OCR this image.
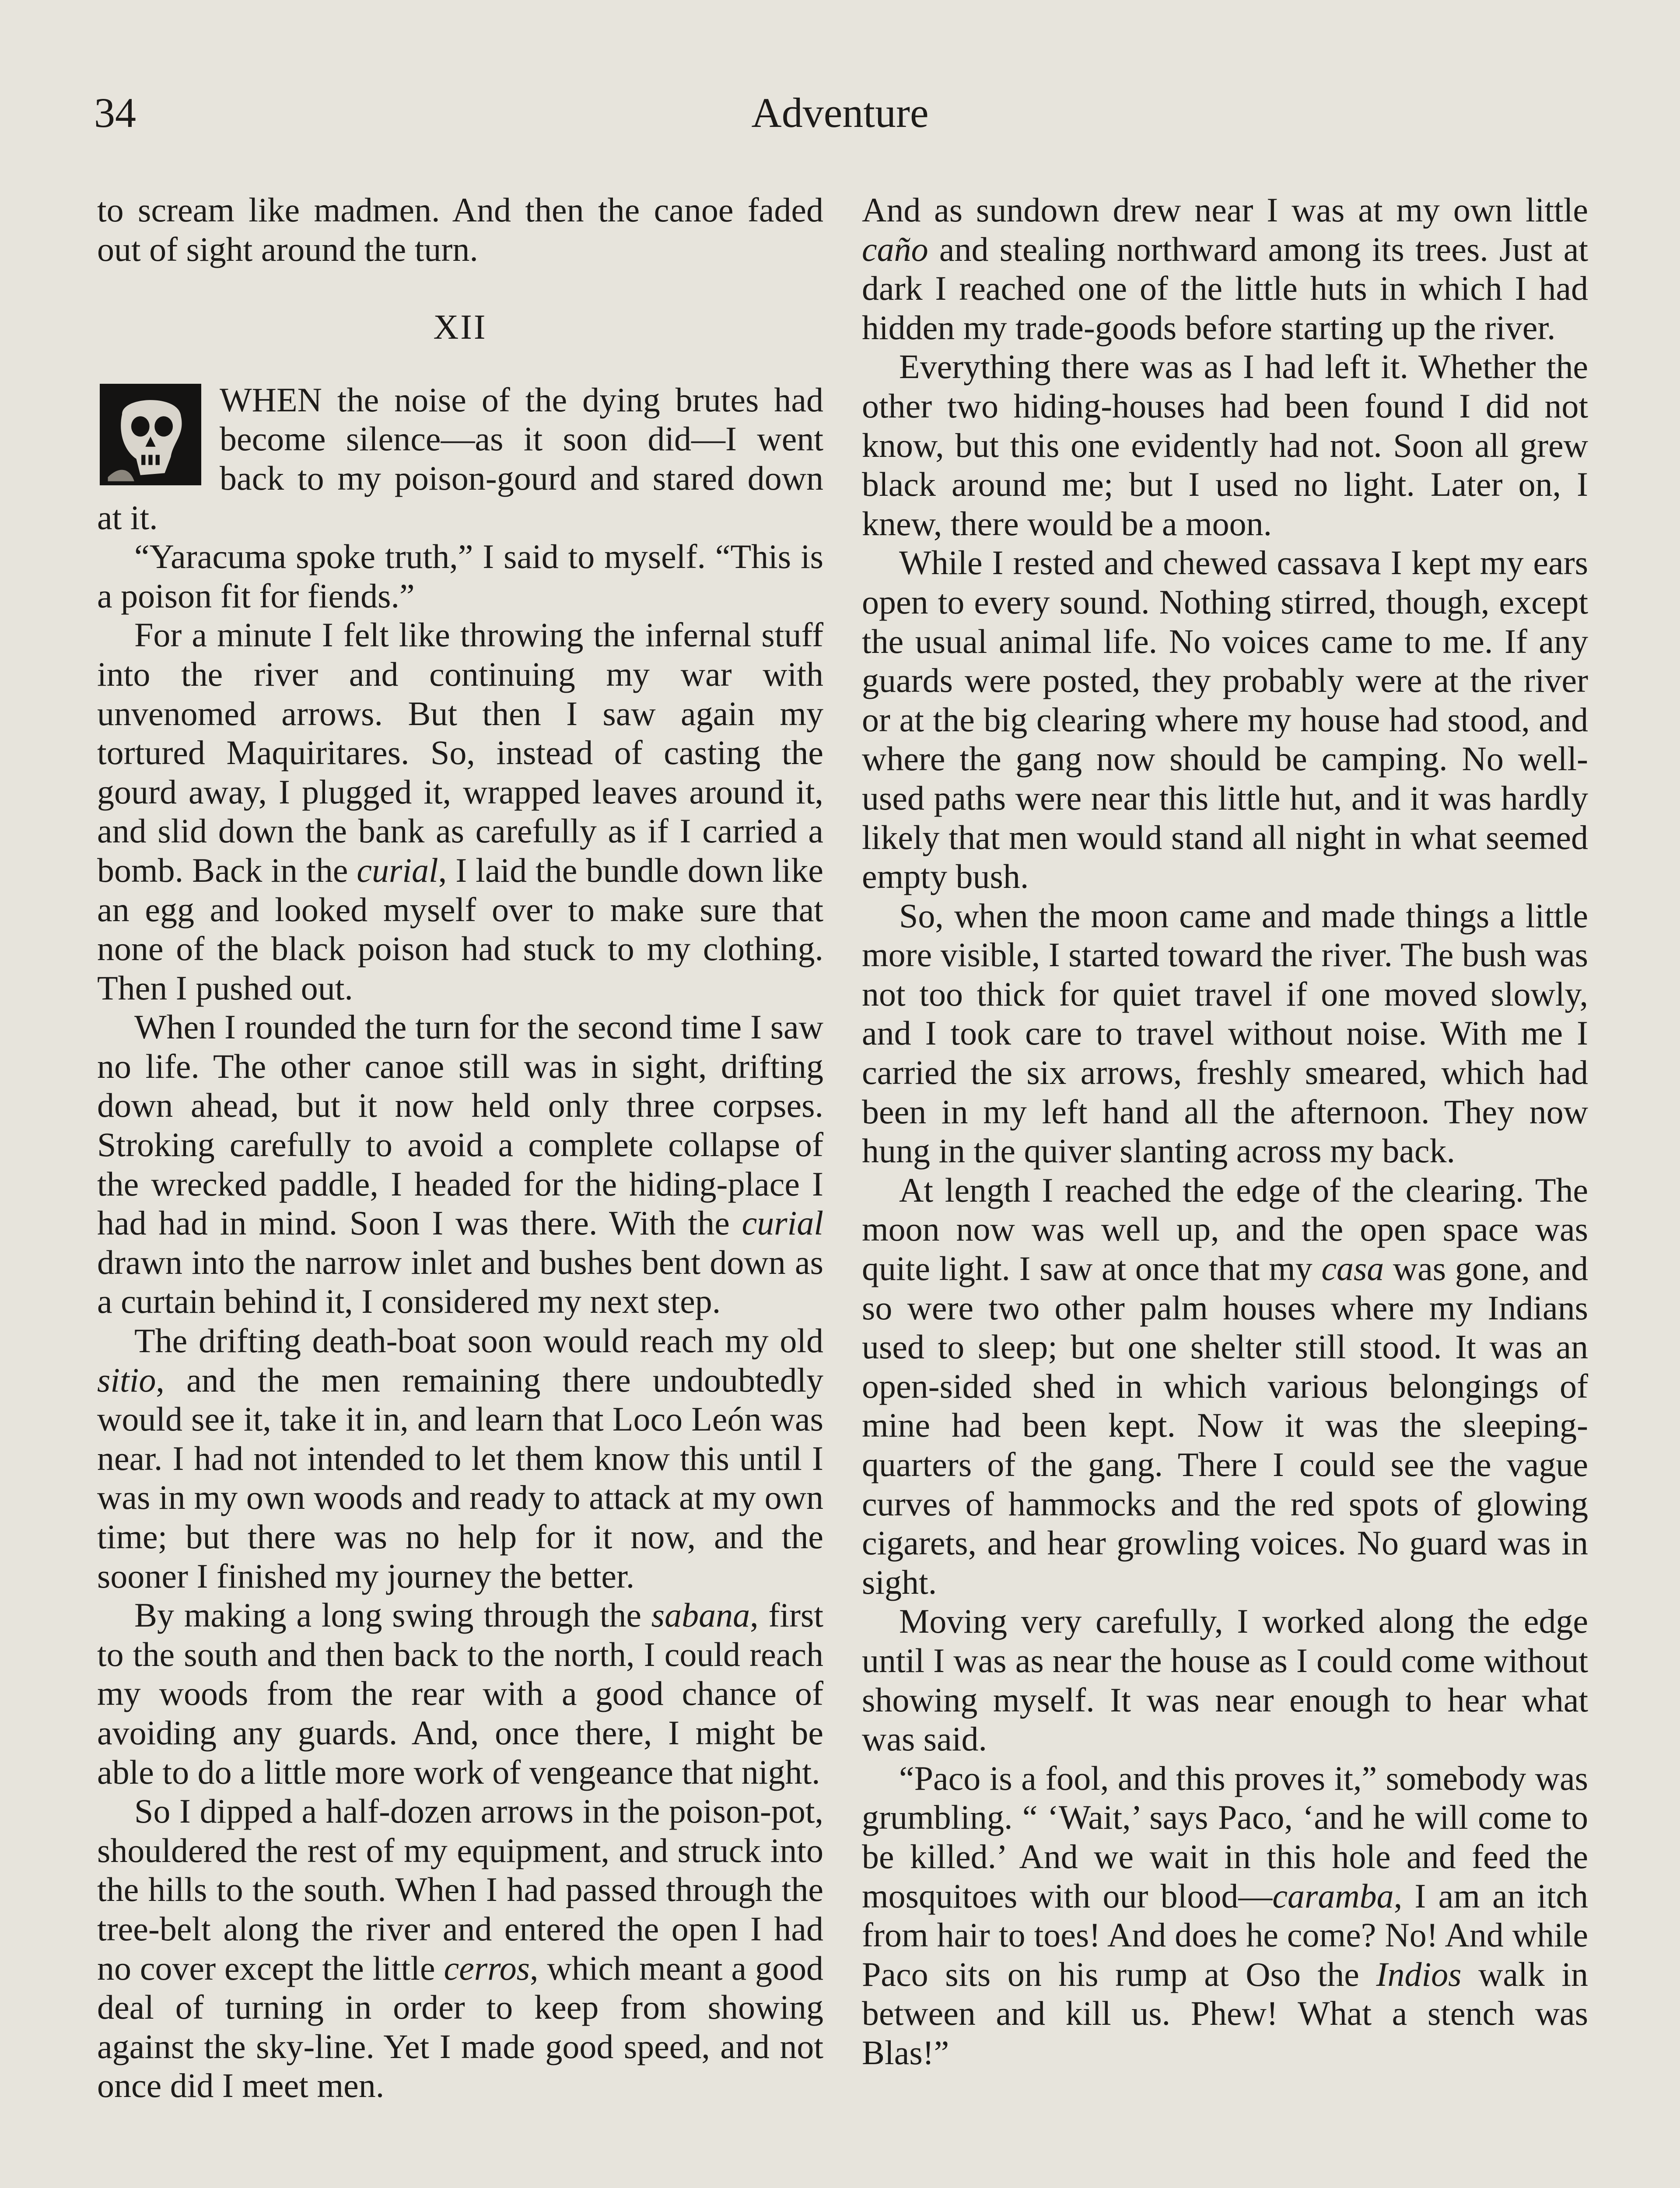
34	Adventure

to scream like madmen. And then the canoe faded out of sight around the turn.

XII

WHEN the noise of the dying brutes had become silence—as it soon did—I went back to my poison-gourd and stared down at it.

“Yaracuma spoke truth,” I said to myself. “This is a poison fit for fiends.”

For a minute I felt like throwing the infernal stuff into the river and continuing my war with unvenomed arrows. But then I saw again my tortured Maquiritares. So, instead of casting the gourd away, I plugged it, wrapped leaves around it, and slid down the bank as carefully as if I carried a bomb. Back in the curial, I laid the bundle down like an egg and looked myself over to make sure that none of the black poison had stuck to my clothing. Then I pushed out.

When I rounded the turn for the second time I saw no life. The other canoe still was in sight, drifting down ahead, but it now held only three corpses. Stroking carefully to avoid a complete collapse of the wrecked paddle, I headed for the hiding-place I had had in mind. Soon I was there. With the curial drawn into the narrow inlet and bushes bent down as a curtain behind it, I considered my next step.

The drifting death-boat soon would reach my old sitio, and the men remaining there undoubtedly would see it, take it in, and learn that Loco León was near. I had not intended to let them know this until I was in my own woods and ready to attack at my own time; but there was no help for it now, and the sooner I finished my journey the better.

By making a long swing through the sabana, first to the south and then back to the north, I could reach my woods from the rear with a good chance of avoiding any guards. And, once there, I might be able to do a little more work of vengeance that night.

So I dipped a half-dozen arrows in the poison-pot, shouldered the rest of my equipment, and struck into the hills to the south. When I had passed through the tree-belt along the river and entered the open I had no cover except the little cerros, which meant a good deal of turning in order to keep from showing against the sky-line. Yet I made good speed, and not once did I meet men.

And as sundown drew near I was at my own little caño and stealing northward among its trees. Just at dark I reached one of the little huts in which I had hidden my trade-goods before starting up the river.

Everything there was as I had left it. Whether the other two hiding-houses had been found I did not know, but this one evidently had not. Soon all grew black around me; but I used no light. Later on, I knew, there would be a moon.

While I rested and chewed cassava I kept my ears open to every sound. Nothing stirred, though, except the usual animal life. No voices came to me. If any guards were posted, they probably were at the river or at the big clearing where my house had stood, and where the gang now should be camping. No well-used paths were near this little hut, and it was hardly likely that men would stand all night in what seemed empty bush.

So, when the moon came and made things a little more visible, I started toward the river. The bush was not too thick for quiet travel if one moved slowly, and I took care to travel without noise. With me I carried the six arrows, freshly smeared, which had been in my left hand all the afternoon. They now hung in the quiver slanting across my back.

At length I reached the edge of the clearing. The moon now was well up, and the open space was quite light. I saw at once that my casa was gone, and so were two other palm houses where my Indians used to sleep; but one shelter still stood. It was an open-sided shed in which various belongings of mine had been kept. Now it was the sleeping-quarters of the gang. There I could see the vague curves of hammocks and the red spots of glowing cigarets, and hear growling voices. No guard was in sight.

Moving very carefully, I worked along the edge until I was as near the house as I could come without showing myself. It was near enough to hear what was said.

“Paco is a fool, and this proves it,” somebody was grumbling. “ ‘Wait,’ says Paco, ‘and he will come to be killed.’ And we wait in this hole and feed the mosquitoes with our blood—caramba, I am an itch from hair to toes! And does he come? No! And while Paco sits on his rump at Oso the Indios walk in between and kill us. Phew! What a stench was Blas!”
